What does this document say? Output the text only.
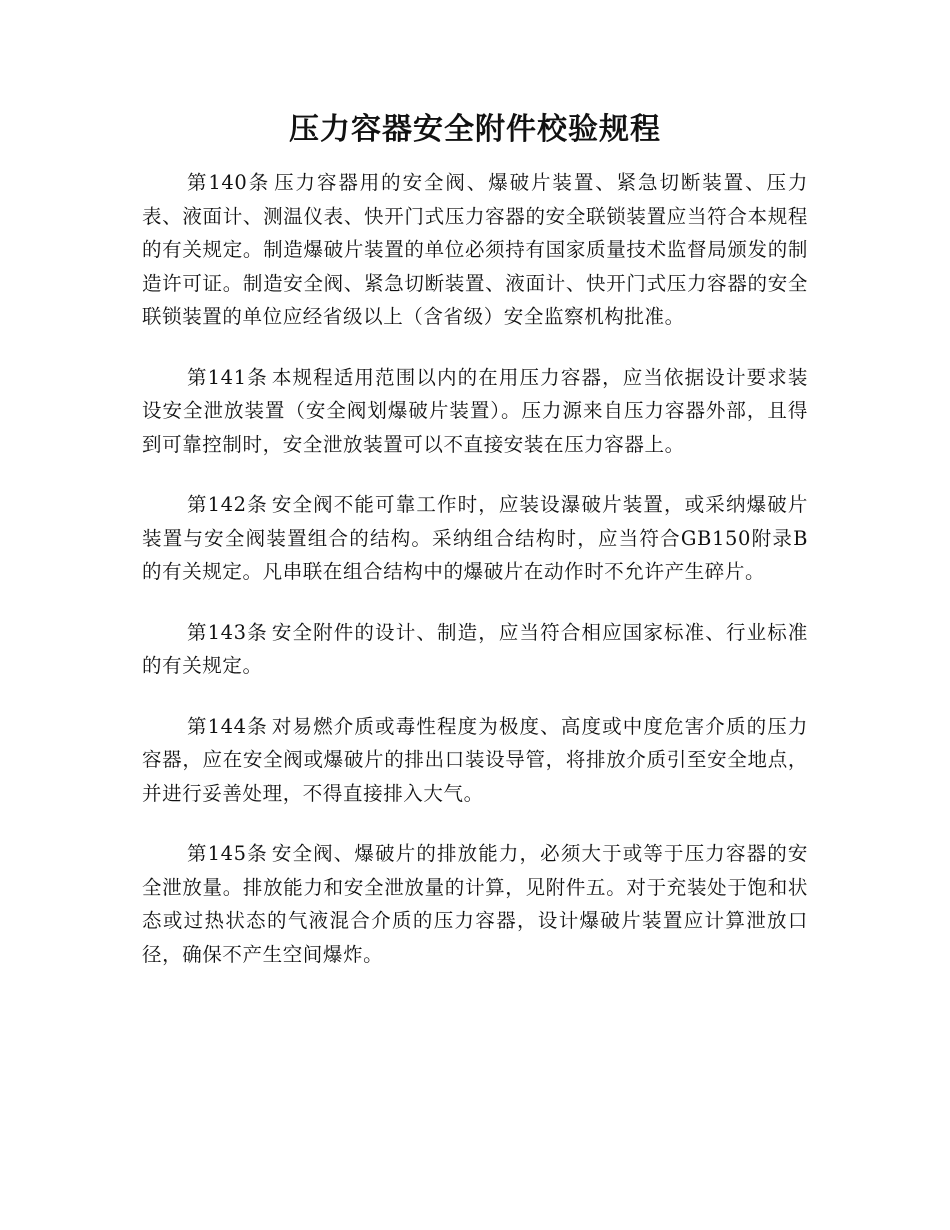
压力容器安全附件校验规程

第140条 压力容器用的安全阀、爆破片装置、紧急切断装置、压力表、液面计、测温仪表、快开门式压力容器的安全联锁装置应当符合本规程的有关规定。制造爆破片装置的单位必须持有国家质量技术监督局颁发的制造许可证。制造安全阀、紧急切断装置、液面计、快开门式压力容器的安全联锁装置的单位应经省级以上（含省级）安全监察机构批准。

第141条 本规程适用范围以内的在用压力容器，应当依据设计要求装设安全泄放装置（安全阀划爆破片装置）。压力源来自压力容器外部，且得到可靠控制时，安全泄放装置可以不直接安装在压力容器上。

第142条 安全阀不能可靠工作时，应装设瀑破片装置，或采纳爆破片装置与安全阀装置组合的结构。采纳组合结构时，应当符合GB150附录B的有关规定。凡串联在组合结构中的爆破片在动作时不允许产生碎片。

第143条 安全附件的设计、制造，应当符合相应国家标准、行业标准的有关规定。

第144条 对易燃介质或毒性程度为极度、高度或中度危害介质的压力容器，应在安全阀或爆破片的排出口装设导管，将排放介质引至安全地点，并进行妥善处理，不得直接排入大气。

第145条 安全阀、爆破片的排放能力，必须大于或等于压力容器的安全泄放量。排放能力和安全泄放量的计算，见附件五。对于充装处于饱和状态或过热状态的气液混合介质的压力容器，设计爆破片装置应计算泄放口径，确保不产生空间爆炸。
